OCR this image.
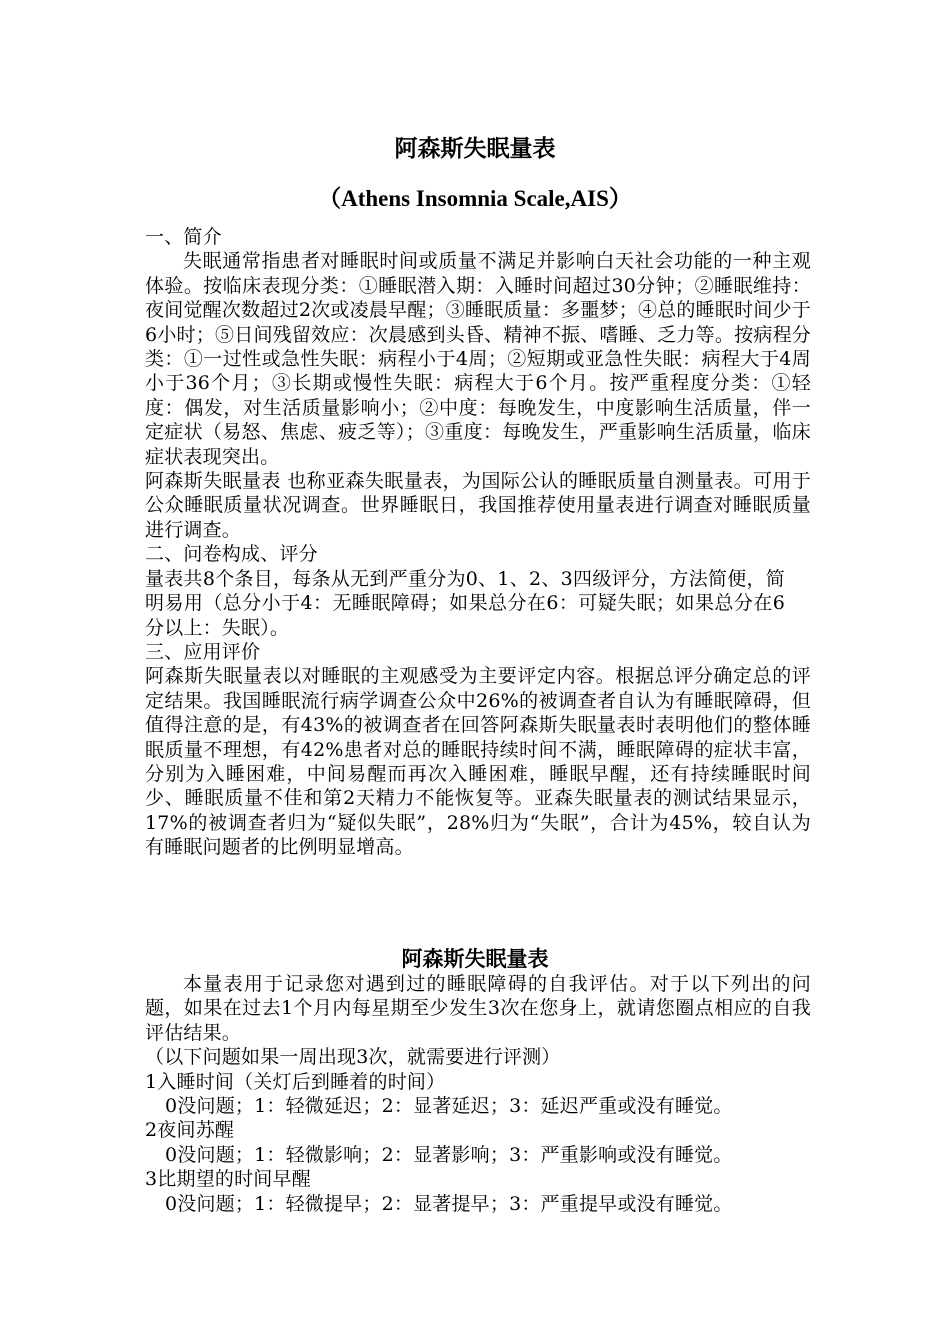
阿森斯失眠量表
（Athens Insomnia Scale,AIS）

一、简介

失眠通常指患者对睡眠时间或质量不满足并影响白天社会功能的一种主观体验。按临床表现分类：①睡眠潜入期：入睡时间超过30分钟；②睡眠维持：夜间觉醒次数超过2次或凌晨早醒；③睡眠质量：多噩梦；④总的睡眠时间少于6小时；⑤日间残留效应：次晨感到头昏、精神不振、嗜睡、乏力等。按病程分类：①一过性或急性失眠：病程小于4周；②短期或亚急性失眠：病程大于4周小于36个月；③长期或慢性失眠：病程大于6个月。按严重程度分类：①轻度：偶发，对生活质量影响小；②中度：每晚发生，中度影响生活质量，伴一定症状（易怒、焦虑、疲乏等）；③重度：每晚发生，严重影响生活质量，临床症状表现突出。

阿森斯失眠量表 也称亚森失眠量表，为国际公认的睡眠质量自测量表。可用于公众睡眠质量状况调查。世界睡眠日，我国推荐使用量表进行调查对睡眠质量进行调查。

二、问卷构成、评分

量表共8个条目，每条从无到严重分为0、1、2、3四级评分，方法简便，简明易用（总分小于4：无睡眠障碍；如果总分在6：可疑失眠；如果总分在6分以上：失眠）。

三、应用评价

阿森斯失眠量表以对睡眠的主观感受为主要评定内容。根据总评分确定总的评定结果。我国睡眠流行病学调查公众中26%的被调查者自认为有睡眠障碍，但值得注意的是，有43%的被调查者在回答阿森斯失眠量表时表明他们的整体睡眠质量不理想，有42%患者对总的睡眠持续时间不满，睡眠障碍的症状丰富，分别为入睡困难，中间易醒而再次入睡困难，睡眠早醒，还有持续睡眠时间少、睡眠质量不佳和第2天精力不能恢复等。亚森失眠量表的测试结果显示，17%的被调查者归为“疑似失眠”，28%归为“失眠”，合计为45%，较自认为有睡眠问题者的比例明显增高。

阿森斯失眠量表

本量表用于记录您对遇到过的睡眠障碍的自我评估。对于以下列出的问题，如果在过去1个月内每星期至少发生3次在您身上，就请您圈点相应的自我评估结果。

（以下问题如果一周出现3次，就需要进行评测）

1入睡时间（关灯后到睡着的时间）

0没问题；1：轻微延迟；2：显著延迟；3：延迟严重或没有睡觉。

2夜间苏醒

0没问题；1：轻微影响；2：显著影响；3：严重影响或没有睡觉。

3比期望的时间早醒

0没问题；1：轻微提早；2：显著提早；3：严重提早或没有睡觉。
